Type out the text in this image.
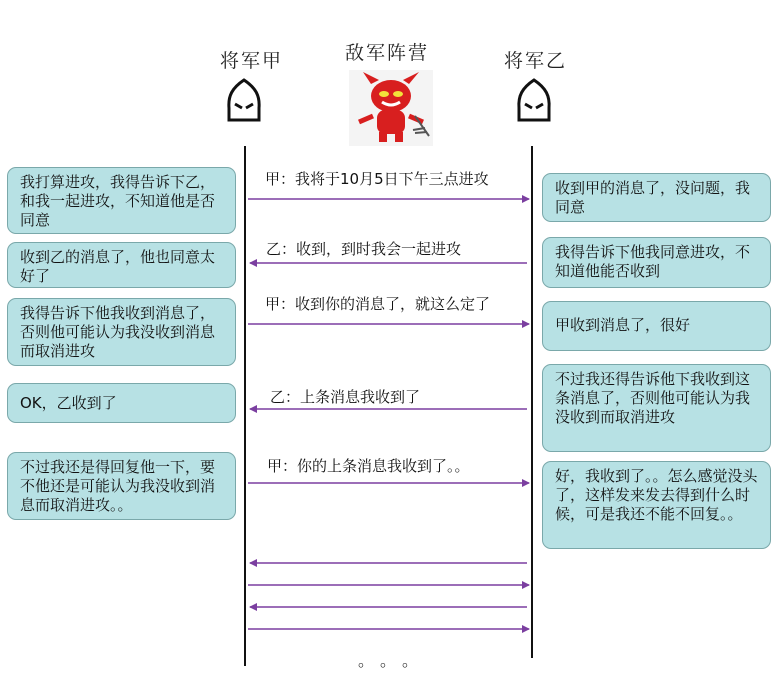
将军甲	将军乙
敌军阵营
我打算进攻，我得告诉下乙，和我一起进攻，不知道他是否同意
收到乙的消息了，他也同意太好了
我得告诉下他我收到消息了，否则他可能认为我没收到消息而取消进攻
OK，乙收到了
不过我还是得回复他一下，要不他还是可能认为我没收到消息而取消进攻。。
收到甲的消息了，没问题，我同意
我得告诉下他我同意进攻，不知道他能否收到
甲收到消息了，很好
不过我还得告诉他下我收到这条消息了，否则他可能认为我没收到而取消进攻
好，我收到了。。怎么感觉没头了，这样发来发去得到什么时候，可是我还不能不回复。。
甲：我将于10月5日下午三点进攻
乙：收到，到时我会一起进攻
甲：收到你的消息了，就这么定了
乙：上条消息我收到了
甲：你的上条消息我收到了。。
。。。
